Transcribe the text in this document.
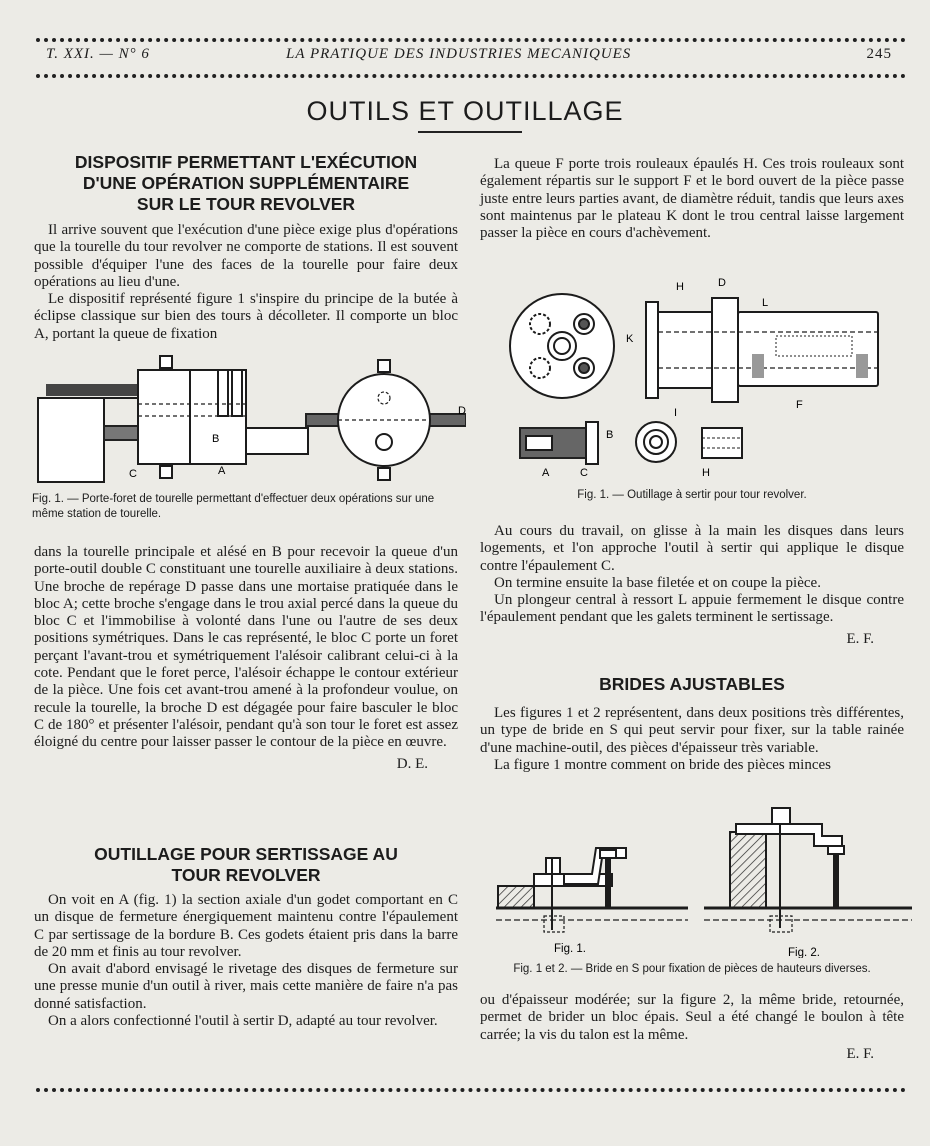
T. XXI. — N° 6	LA PRATIQUE DES INDUSTRIES MECANIQUES	245
OUTILS ET OUTILLAGE
DISPOSITIF PERMETTANT L'EXÉCUTION D'UNE OPÉRATION SUPPLÉMENTAIRE SUR LE TOUR REVOLVER

Il arrive souvent que l'exécution d'une pièce exige plus d'opérations que la tourelle du tour revolver ne comporte de stations. Il est souvent possible d'équiper l'une des faces de la tourelle pour faire deux opérations au lieu d'une.

Le dispositif représenté figure 1 s'inspire du principe de la butée à éclipse classique sur bien des tours à décolleter. Il comporte un bloc A, portant la queue de fixation

B
C	A
D
Fig. 1. — Porte-foret de tourelle permettant d'effectuer deux opérations sur une même station de tourelle.

dans la tourelle principale et alésé en B pour recevoir la queue d'un porte-outil double C constituant une tourelle auxiliaire à deux stations. Une broche de repérage D passe dans une mortaise pratiquée dans le bloc A; cette broche s'engage dans le trou axial percé dans la queue du bloc C et l'immobilise à volonté dans l'une ou l'autre de ses deux positions symétriques. Dans le cas représenté, le bloc C porte un foret perçant l'avant-trou et symétriquement l'alésoir calibrant celui-ci à la cote. Pendant que le foret perce, l'alésoir échappe le contour extérieur de la pièce. Une fois cet avant-trou amené à la profondeur voulue, on recule la tourelle, la broche D est dégagée pour faire basculer le bloc C de 180° et présenter l'alésoir, pendant qu'à son tour le foret est assez éloigné du centre pour laisser passer le contour de la pièce en œuvre.

D. E.

OUTILLAGE POUR SERTISSAGE AU TOUR REVOLVER

On voit en A (fig. 1) la section axiale d'un godet comportant en C un disque de fermeture énergiquement maintenu contre l'épaulement C par sertissage de la bordure B. Ces godets étaient pris dans la barre de 20 mm et finis au tour revolver.

On avait d'abord envisagé le rivetage des disques de fermeture sur une presse munie d'un outil à river, mais cette manière de faire n'a pas donné satisfaction.

On a alors confectionné l'outil à sertir D, adapté au tour revolver.

La queue F porte trois rouleaux épaulés H. Ces trois rouleaux sont également répartis sur le support F et le bord ouvert de la pièce passe juste entre leurs parties avant, de diamètre réduit, tandis que leurs axes sont maintenus par le plateau K dont le trou central laisse largement passer la pièce en cours d'achèvement.

H	D
L
K
F
I
B
A	C	H
Fig. 1. — Outillage à sertir pour tour revolver.

Au cours du travail, on glisse à la main les disques dans leurs logements, et l'on approche l'outil à sertir qui applique le disque contre l'épaulement C.

On termine ensuite la base filetée et on coupe la pièce.

Un plongeur central à ressort L appuie fermement le disque contre l'épaulement pendant que les galets terminent le sertissage.

E. F.

BRIDES AJUSTABLES

Les figures 1 et 2 représentent, dans deux positions très différentes, un type de bride en S qui peut servir pour fixer, sur la table rainée d'une machine-outil, des pièces d'épaisseur très variable.

La figure 1 montre comment on bride des pièces minces

Fig. 1.	Fig. 2.
Fig. 1 et 2. — Bride en S pour fixation de pièces de hauteurs diverses.

ou d'épaisseur modérée; sur la figure 2, la même bride, retournée, permet de brider un bloc épais. Seul a été changé le boulon à tête carrée; la vis du talon est la même.

E. F.
